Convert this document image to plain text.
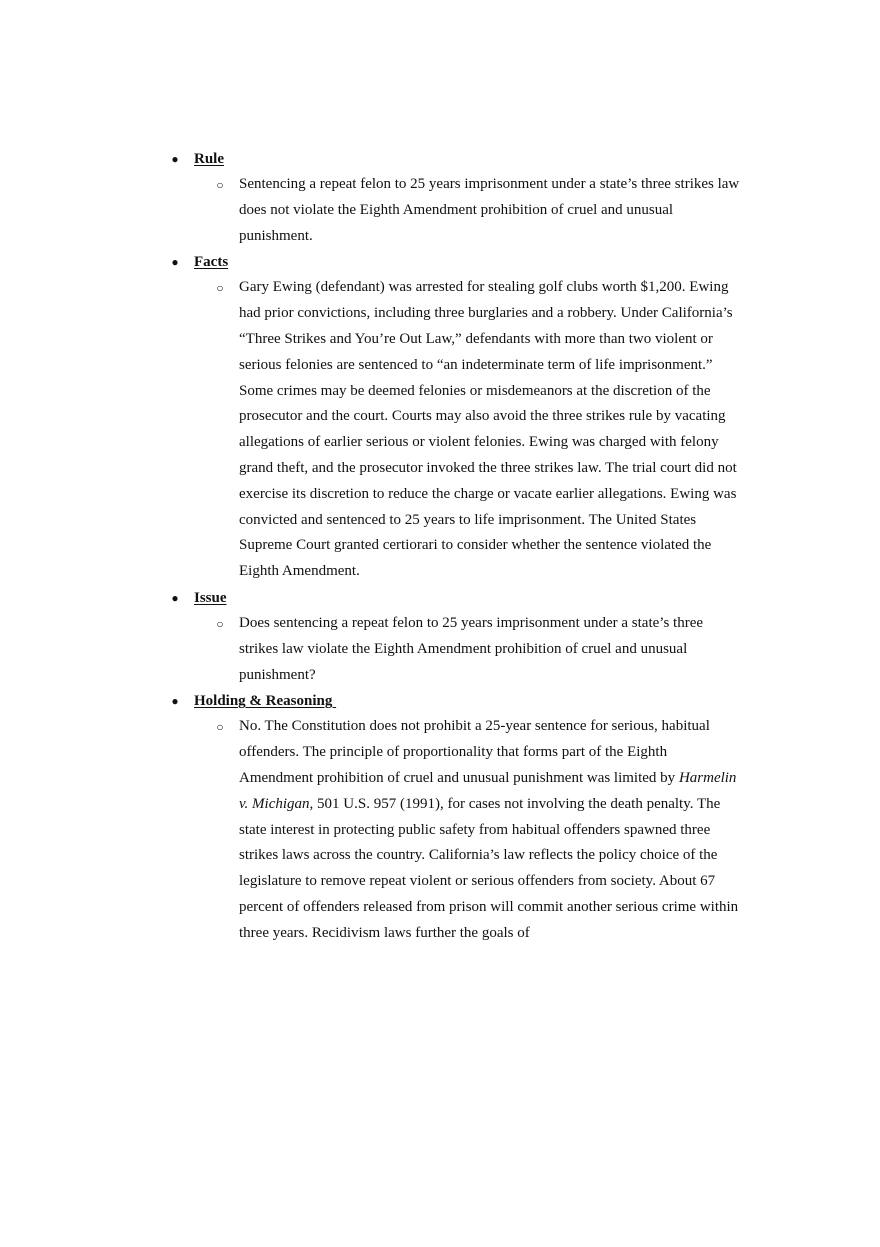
● Rule
○ Sentencing a repeat felon to 25 years imprisonment under a state’s three strikes law does not violate the Eighth Amendment prohibition of cruel and unusual punishment.

● Facts
○ Gary Ewing (defendant) was arrested for stealing golf clubs worth $1,200. Ewing had prior convictions, including three burglaries and a robbery. Under California’s “Three Strikes and You’re Out Law,” defendants with more than two violent or serious felonies are sentenced to “an indeterminate term of life imprisonment.” Some crimes may be deemed felonies or misdemeanors at the discretion of the prosecutor and the court. Courts may also avoid the three strikes rule by vacating allegations of earlier serious or violent felonies. Ewing was charged with felony grand theft, and the prosecutor invoked the three strikes law. The trial court did not exercise its discretion to reduce the charge or vacate earlier allegations. Ewing was convicted and sentenced to 25 years to life imprisonment. The United States Supreme Court granted certiorari to consider whether the sentence violated the Eighth Amendment.

● Issue
○ Does sentencing a repeat felon to 25 years imprisonment under a state’s three strikes law violate the Eighth Amendment prohibition of cruel and unusual punishment?

● Holding & Reasoning
○ No. The Constitution does not prohibit a 25-year sentence for serious, habitual offenders. The principle of proportionality that forms part of the Eighth Amendment prohibition of cruel and unusual punishment was limited by Harmelin v. Michigan, 501 U.S. 957 (1991), for cases not involving the death penalty. The state interest in protecting public safety from habitual offenders spawned three strikes laws across the country. California’s law reflects the policy choice of the legislature to remove repeat violent or serious offenders from society. About 67 percent of offenders released from prison will commit another serious crime within three years. Recidivism laws further the goals of
